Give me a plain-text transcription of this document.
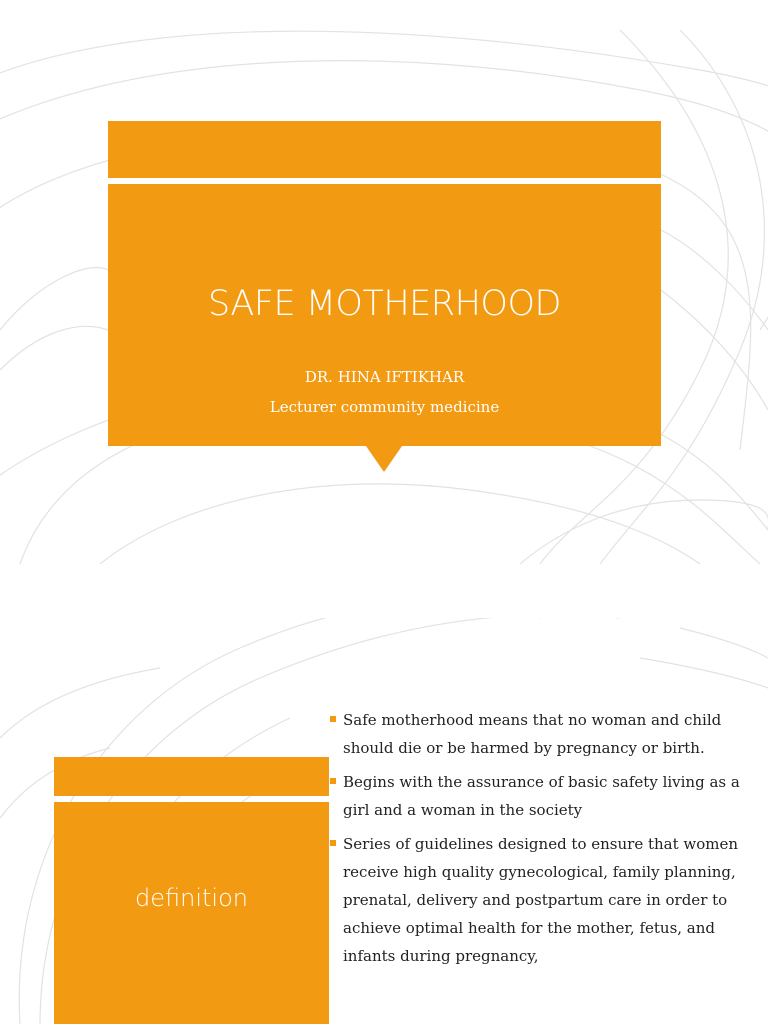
SAFE MOTHERHOOD
DR. HINA IFTIKHAR
Lecturer community medicine
definition
Safe motherhood means that no woman and child should die or be harmed by pregnancy or birth.
Begins with the assurance of basic safety living as a girl and a woman in the society
Series of guidelines designed to ensure that women receive high quality gynecological, family planning, prenatal, delivery and postpartum care in order to achieve optimal health for the mother, fetus, and infants during pregnancy,
